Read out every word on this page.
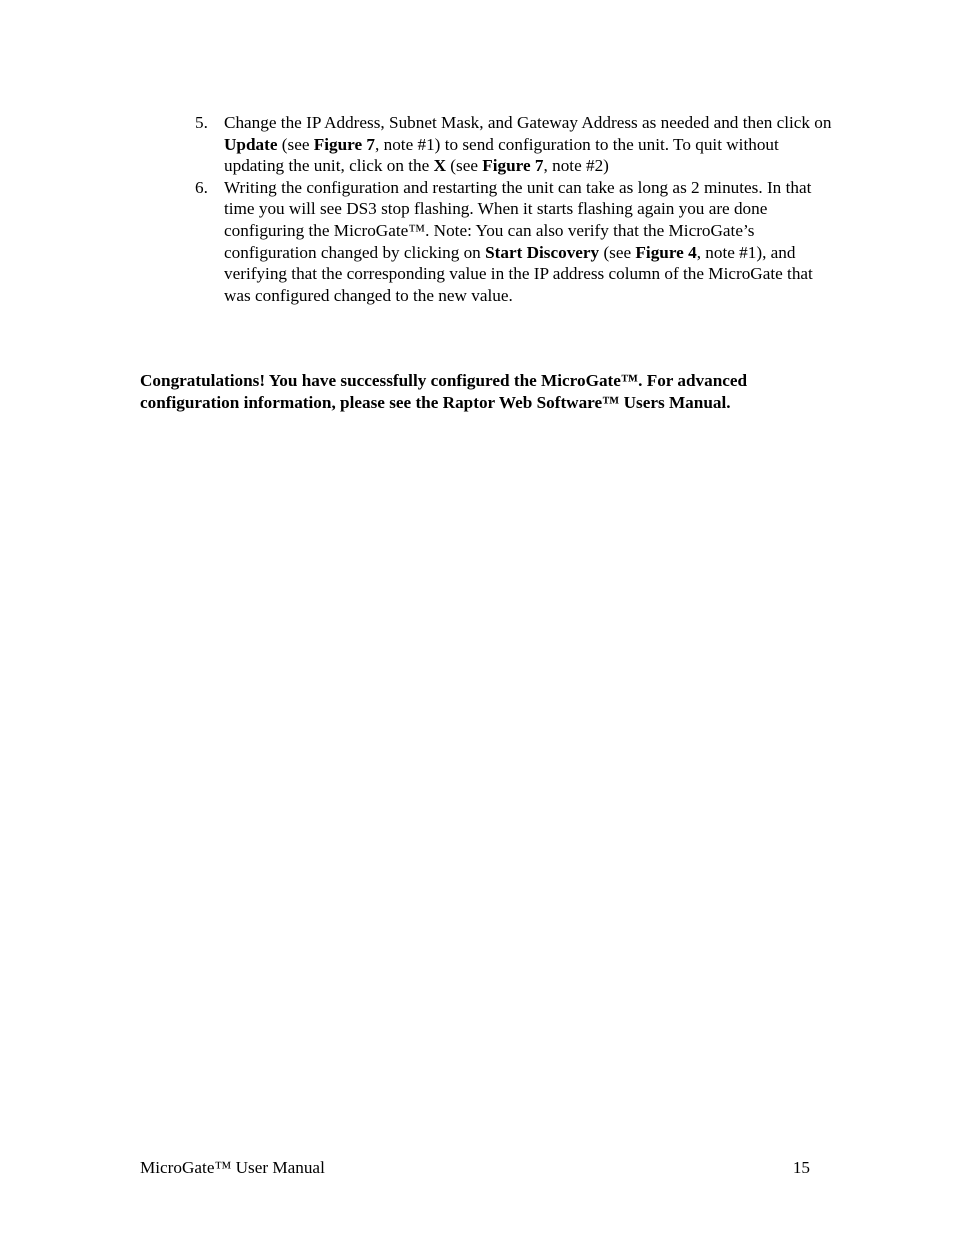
5. Change the IP Address, Subnet Mask, and Gateway Address as needed and then click on Update (see Figure 7, note #1) to send configuration to the unit. To quit without updating the unit, click on the X (see Figure 7, note #2)
6. Writing the configuration and restarting the unit can take as long as 2 minutes. In that time you will see DS3 stop flashing. When it starts flashing again you are done configuring the MicroGate™. Note: You can also verify that the MicroGate’s configuration changed by clicking on Start Discovery (see Figure 4, note #1), and verifying that the corresponding value in the IP address column of the MicroGate that was configured changed to the new value.

Congratulations! You have successfully configured the MicroGate™. For advanced configuration information, please see the Raptor Web Software™ Users Manual.

MicroGate™ User Manual	15
